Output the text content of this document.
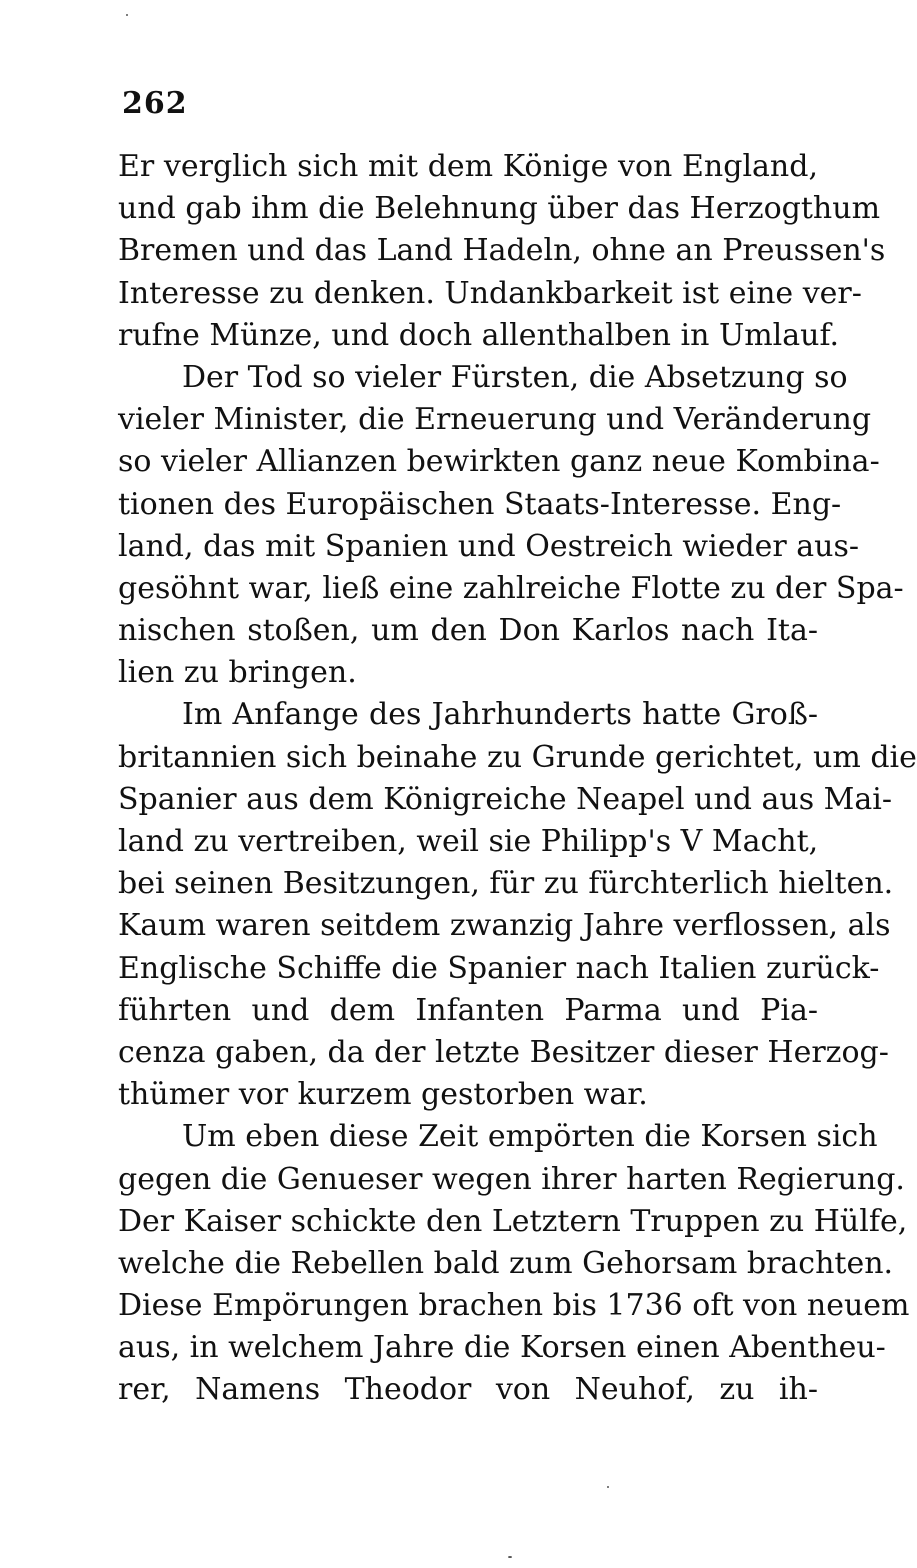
262
Er verglich sich mit dem Könige von England,
und gab ihm die Belehnung über das Herzogthum
Bremen und das Land Hadeln, ohne an Preussen's
Interesse zu denken. Undankbarkeit ist eine ver-
rufne Münze, und doch allenthalben in Umlauf.
Der Tod so vieler Fürsten, die Absetzung so
vieler Minister, die Erneuerung und Veränderung
so vieler Allianzen bewirkten ganz neue Kombina-
tionen des Europäischen Staats-Interesse. Eng-
land, das mit Spanien und Oestreich wieder aus-
gesöhnt war, ließ eine zahlreiche Flotte zu der Spa-
nischen stoßen, um den Don Karlos nach Ita-
lien zu bringen.
Im Anfange des Jahrhunderts hatte Groß-
britannien sich beinahe zu Grunde gerichtet, um die
Spanier aus dem Königreiche Neapel und aus Mai-
land zu vertreiben, weil sie Philipp's V Macht,
bei seinen Besitzungen, für zu fürchterlich hielten.
Kaum waren seitdem zwanzig Jahre verflossen, als
Englische Schiffe die Spanier nach Italien zurück-
führten und dem Infanten Parma und Pia-
cenza gaben, da der letzte Besitzer dieser Herzog-
thümer vor kurzem gestorben war.
Um eben diese Zeit empörten die Korsen sich
gegen die Genueser wegen ihrer harten Regierung.
Der Kaiser schickte den Letztern Truppen zu Hülfe,
welche die Rebellen bald zum Gehorsam brachten.
Diese Empörungen brachen bis 1736 oft von neuem
aus, in welchem Jahre die Korsen einen Abentheu-
rer, Namens Theodor von Neuhof, zu ih-
